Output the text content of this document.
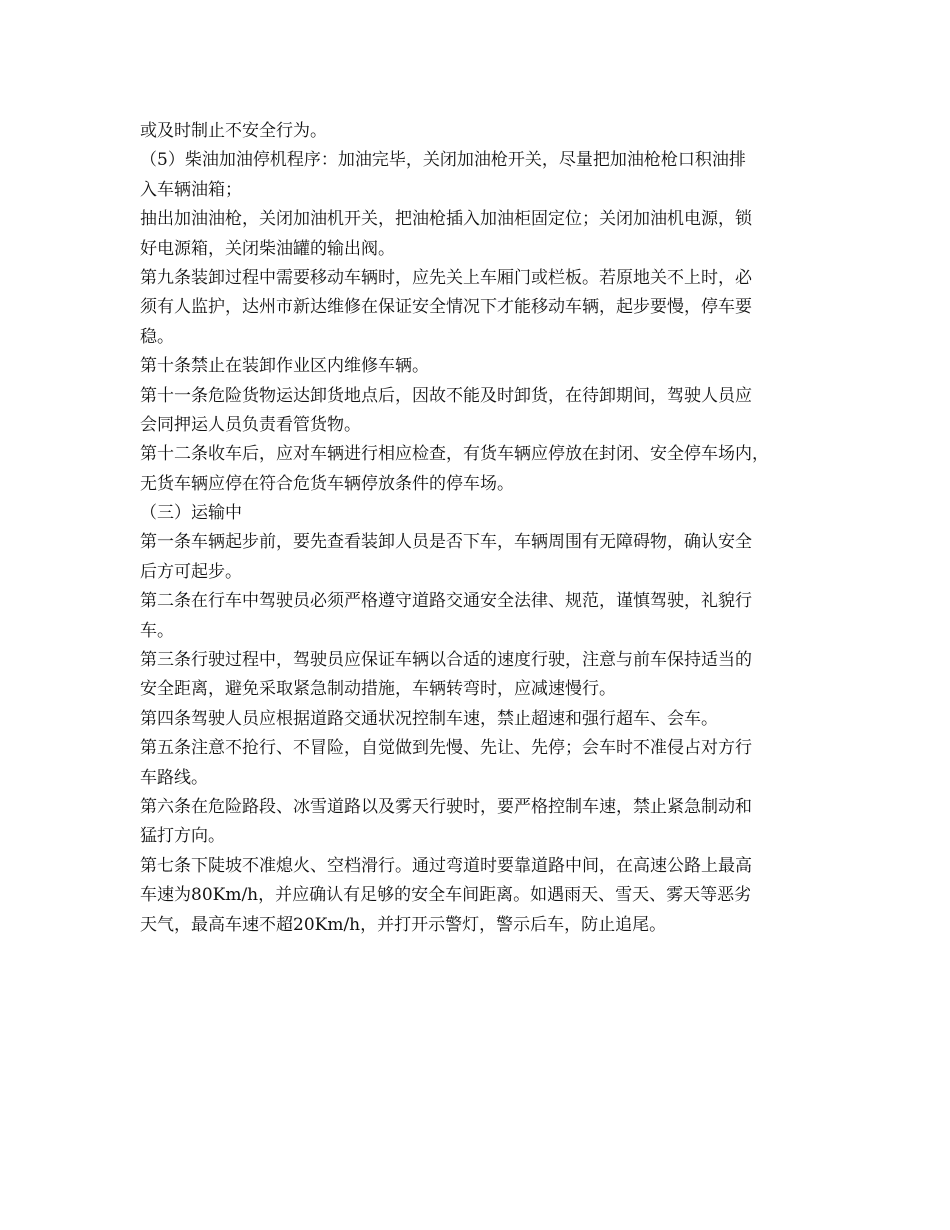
或及时制止不安全行为。
（5）柴油加油停机程序：加油完毕，关闭加油枪开关，尽量把加油枪枪口积油排
入车辆油箱；
抽出加油油枪，关闭加油机开关，把油枪插入加油柜固定位；关闭加油机电源，锁
好电源箱，关闭柴油罐的输出阀。
第九条装卸过程中需要移动车辆时，应先关上车厢门或栏板。若原地关不上时，必
须有人监护，达州市新达维修在保证安全情况下才能移动车辆，起步要慢，停车要
稳。
第十条禁止在装卸作业区内维修车辆。
第十一条危险货物运达卸货地点后，因故不能及时卸货，在待卸期间，驾驶人员应
会同押运人员负责看管货物。
第十二条收车后，应对车辆进行相应检查，有货车辆应停放在封闭、安全停车场内，
无货车辆应停在符合危货车辆停放条件的停车场。
（三）运输中
第一条车辆起步前，要先查看装卸人员是否下车，车辆周围有无障碍物，确认安全
后方可起步。
第二条在行车中驾驶员必须严格遵守道路交通安全法律、规范，谨慎驾驶，礼貌行
车。
第三条行驶过程中，驾驶员应保证车辆以合适的速度行驶，注意与前车保持适当的
安全距离，避免采取紧急制动措施，车辆转弯时，应减速慢行。
第四条驾驶人员应根据道路交通状况控制车速，禁止超速和强行超车、会车。
第五条注意不抢行、不冒险，自觉做到先慢、先让、先停；会车时不准侵占对方行
车路线。
第六条在危险路段、冰雪道路以及雾天行驶时，要严格控制车速，禁止紧急制动和
猛打方向。
第七条下陡坡不准熄火、空档滑行。通过弯道时要靠道路中间，在高速公路上最高
车速为80Km/h，并应确认有足够的安全车间距离。如遇雨天、雪天、雾天等恶劣
天气，最高车速不超20Km/h，并打开示警灯，警示后车，防止追尾。
